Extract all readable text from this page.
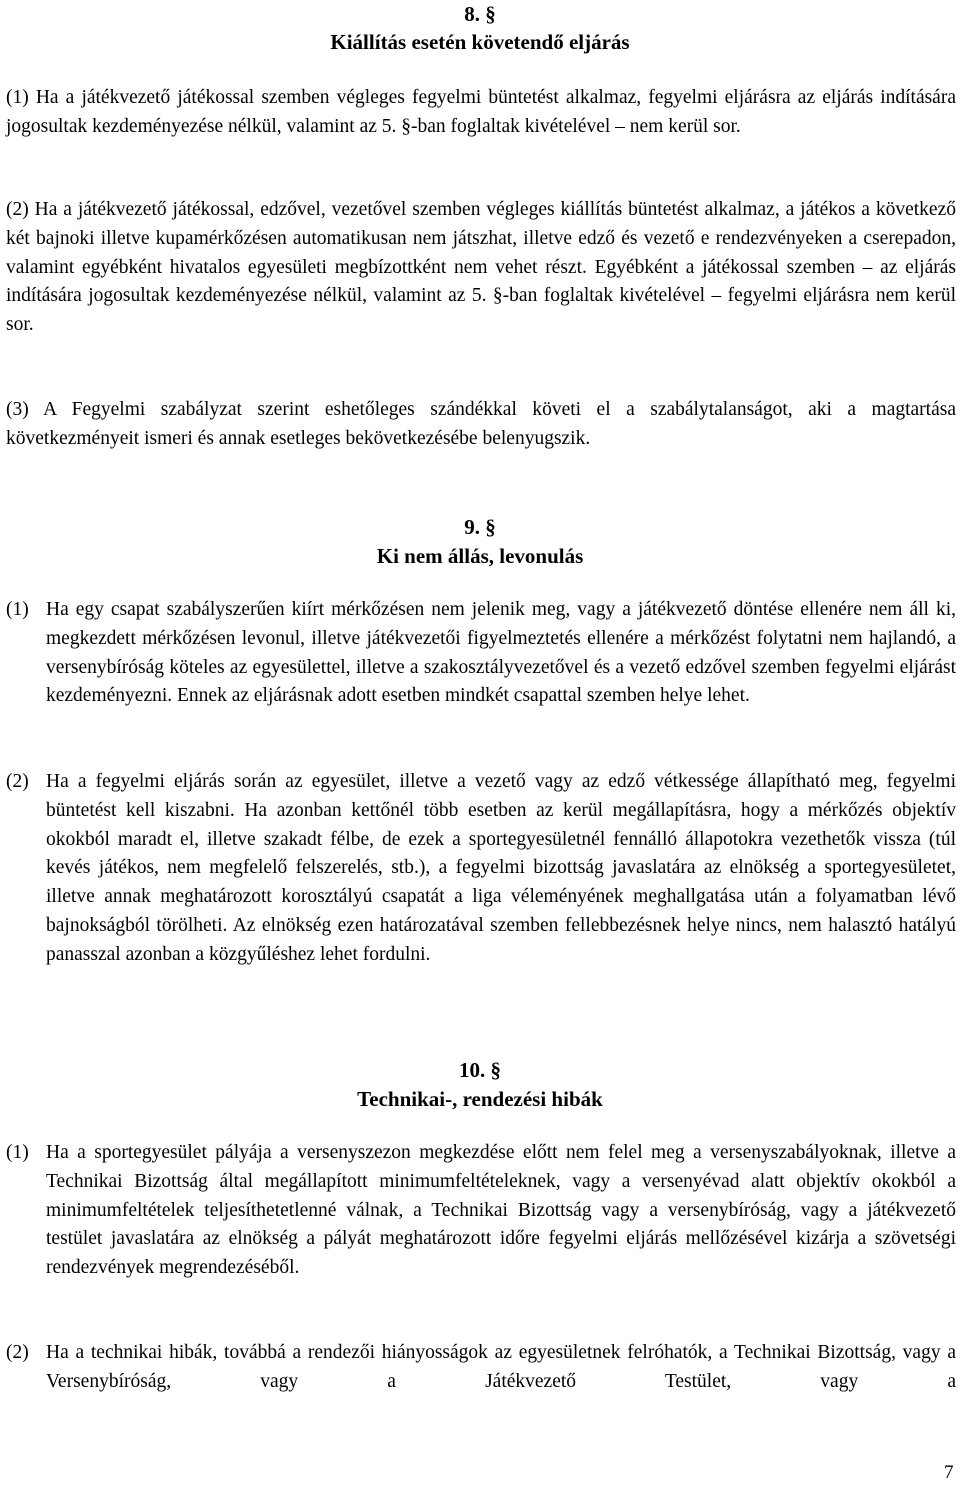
8. §
Kiállítás esetén követendő eljárás
(1) Ha a játékvezető játékossal szemben végleges fegyelmi büntetést alkalmaz, fegyelmi eljárásra az eljárás indítására jogosultak kezdeményezése nélkül, valamint az 5. §-ban foglaltak kivételével – nem kerül sor.
(2) Ha a játékvezető játékossal, edzővel, vezetővel szemben végleges kiállítás büntetést alkalmaz, a játékos a következő két bajnoki illetve kupamérkőzésen automatikusan nem játszhat, illetve edző és vezető e rendezvényeken a cserepadon, valamint egyébként hivatalos egyesületi megbízottként nem vehet részt. Egyébként a játékossal szemben – az eljárás indítására jogosultak kezdeményezése nélkül, valamint az 5. §-ban foglaltak kivételével – fegyelmi eljárásra nem kerül sor.
(3) A Fegyelmi szabályzat szerint eshetőleges szándékkal követi el a szabálytalanságot, aki a magtartása következményeit ismeri és annak esetleges bekövetkezésébe belenyugszik.
9. §
Ki nem állás, levonulás
(1) Ha egy csapat szabályszerűen kiírt mérkőzésen nem jelenik meg, vagy a játékvezető döntése ellenére nem áll ki, megkezdett mérkőzésen levonul, illetve játékvezetői figyelmeztetés ellenére a mérkőzést folytatni nem hajlandó, a versenybíróság köteles az egyesülettel, illetve a szakosztályvezetővel és a vezető edzővel szemben fegyelmi eljárást kezdeményezni. Ennek az eljárásnak adott esetben mindkét csapattal szemben helye lehet.
(2) Ha a fegyelmi eljárás során az egyesület, illetve a vezető vagy az edző vétkessége állapítható meg, fegyelmi büntetést kell kiszabni. Ha azonban kettőnél több esetben az kerül megállapításra, hogy a mérkőzés objektív okokból maradt el, illetve szakadt félbe, de ezek a sportegyesületnél fennálló állapotokra vezethetők vissza (túl kevés játékos, nem megfelelő felszerelés, stb.), a fegyelmi bizottság javaslatára az elnökség a sportegyesületet, illetve annak meghatározott korosztályú csapatát a liga véleményének meghallgatása után a folyamatban lévő bajnokságból törölheti. Az elnökség ezen határozatával szemben fellebbezésnek helye nincs, nem halasztó hatályú panasszal azonban a közgyűléshez lehet fordulni.
10. §
Technikai-, rendezési hibák
(1) Ha a sportegyesület pályája a versenyszezon megkezdése előtt nem felel meg a versenyszabályoknak, illetve a Technikai Bizottság által megállapított minimumfeltételeknek, vagy a versenyévad alatt objektív okokból a minimumfeltételek teljesíthetetlenné válnak, a Technikai Bizottság vagy a versenybíróság, vagy a játékvezető testület javaslatára az elnökség a pályát meghatározott időre fegyelmi eljárás mellőzésével kizárja a szövetségi rendezvények megrendezéséből.
(2) Ha a technikai hibák, továbbá a rendezői hiányosságok az egyesületnek felróhatók, a Technikai Bizottság, vagy a Versenybíróság, vagy a Játékvezető Testület, vagy a
7
